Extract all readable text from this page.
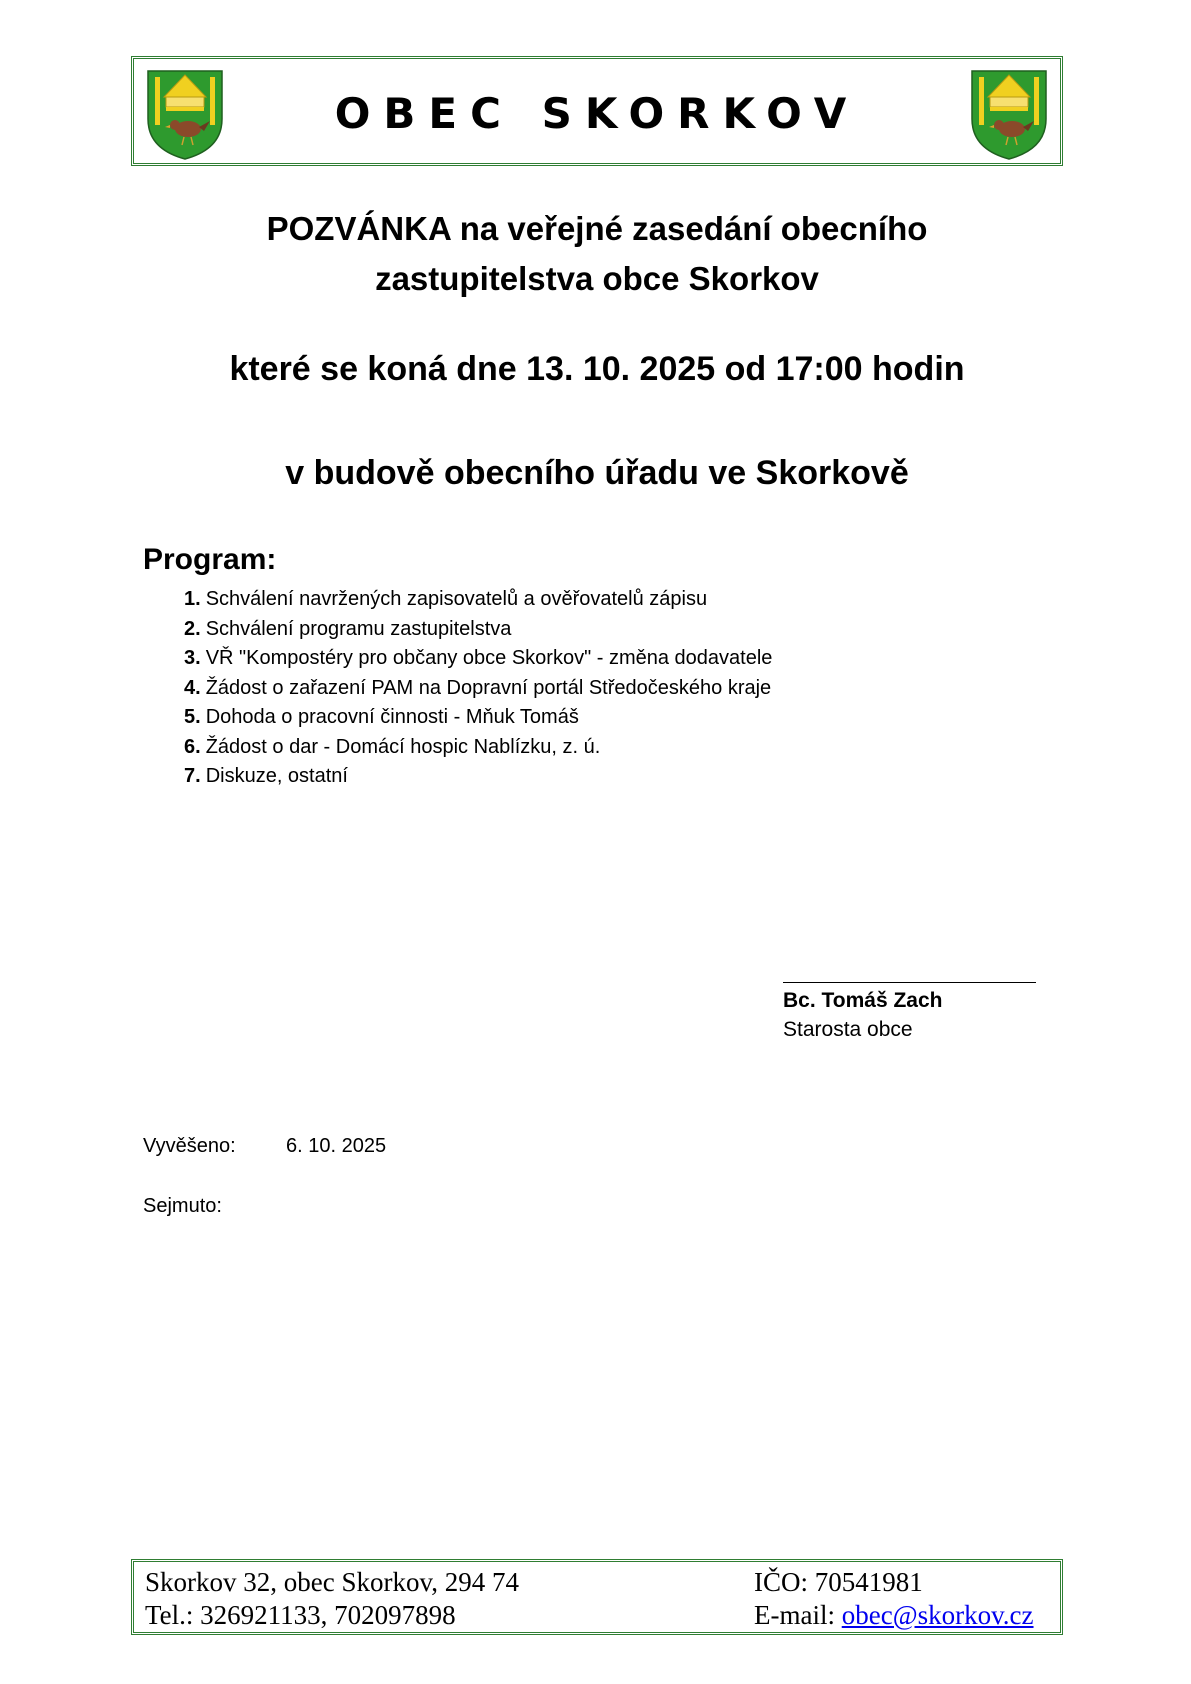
OBEC SKORKOV
POZVÁNKA na veřejné zasedání obecního
zastupitelstva obce Skorkov
které se koná dne 13. 10. 2025 od 17:00 hodin
v budově obecního úřadu ve Skorkově
Program:
1. Schválení navržených zapisovatelů a ověřovatelů zápisu
2. Schválení programu zastupitelstva
3. VŘ "Kompostéry pro občany obce Skorkov" - změna dodavatele
4. Žádost o zařazení PAM na Dopravní portál Středočeského kraje
5. Dohoda o pracovní činnosti - Mňuk Tomáš
6. Žádost o dar - Domácí hospic Nablízku, z. ú.
7. Diskuze, ostatní
Bc. Tomáš Zach
Starosta obce
Vyvěšeno:	6. 10. 2025
Sejmuto:
Skorkov 32, obec Skorkov, 294 74
Tel.: 326921133, 702097898
IČO: 70541981
E-mail: obec@skorkov.cz
